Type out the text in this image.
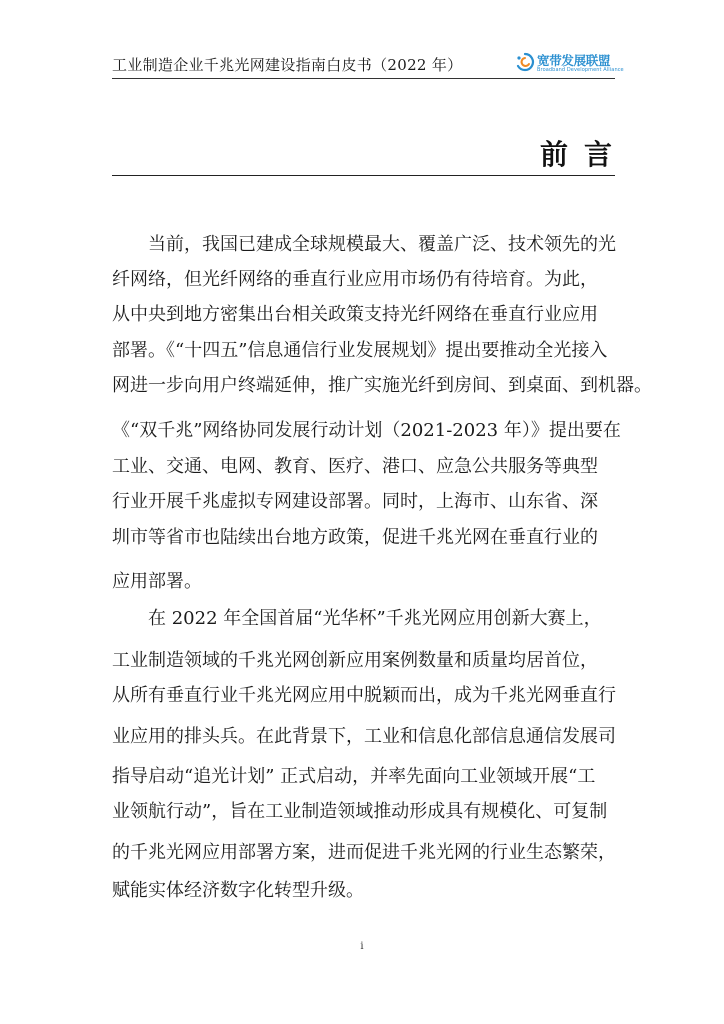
工业制造企业千兆光网建设指南白皮书（2022 年）	宽带发展联盟
Broadband Development Alliance
前言
　　当前，我国已建成全球规模最大、覆盖广泛、技术领先的光
纤网络，但光纤网络的垂直行业应用市场仍有待培育。为此，
从中央到地方密集出台相关政策支持光纤网络在垂直行业应用
部署。《“十四五”信息通信行业发展规划》提出要推动全光接入
网进一步向用户终端延伸，推广实施光纤到房间、到桌面、到机器。
《“双千兆”网络协同发展行动计划（2021-2023 年）》提出要在
工业、交通、电网、教育、医疗、港口、应急公共服务等典型
行业开展千兆虚拟专网建设部署。同时，上海市、山东省、深
圳市等省市也陆续出台地方政策，促进千兆光网在垂直行业的
应用部署。
　　在 2022 年全国首届“光华杯”千兆光网应用创新大赛上，
工业制造领域的千兆光网创新应用案例数量和质量均居首位，
从所有垂直行业千兆光网应用中脱颖而出，成为千兆光网垂直行
业应用的排头兵。在此背景下，工业和信息化部信息通信发展司
指导启动“追光计划” 正式启动，并率先面向工业领域开展“工
业领航行动”，旨在工业制造领域推动形成具有规模化、可复制
的千兆光网应用部署方案，进而促进千兆光网的行业生态繁荣，
赋能实体经济数字化转型升级。
i
